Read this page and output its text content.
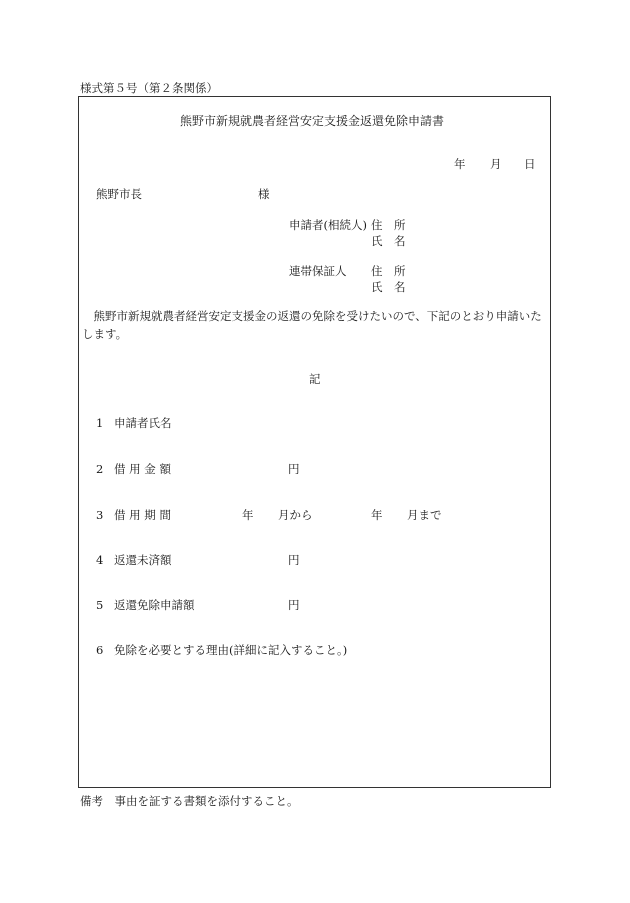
様式第５号（第２条関係）
熊野市新規就農者経営安定支援金返還免除申請書
年 月 日
熊野市長	様
申請者(相続人) 住　所
氏　名
連帯保証人 住　所
氏　名
　熊野市新規就農者経営安定支援金の返還の免除を受けたいので、下記のとおり申請いたします。
記
1 申請者氏名
2 借 用 金 額	円
3 借 用 期 間	年 月から	年 月まで
4 返還未済額	円
5 返還免除申請額	円
6 免除を必要とする理由(詳細に記入すること。)
備考　事由を証する書類を添付すること。
